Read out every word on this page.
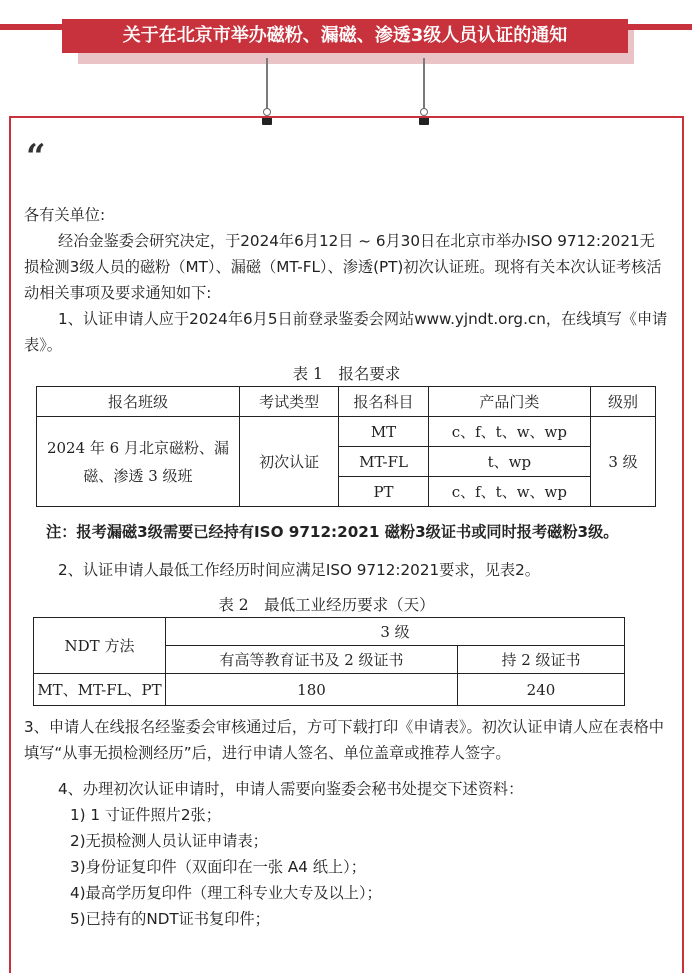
关于在北京市举办磁粉、漏磁、渗透3级人员认证的通知
“

各有关单位:

经冶金鉴委会研究决定，于2024年6月12日 ~ 6月30日在北京市举办ISO 9712:2021无损检测3级人员的磁粉（MT）、漏磁（MT-FL）、渗透(PT)初次认证班。现将有关本次认证考核活动相关事项及要求通知如下:

1、认证申请人应于2024年6月5日前登录鉴委会网站www.yjndt.org.cn，在线填写《申请表》。

表 1　报名要求
报名班级	考试类型	报名科目	产品门类	级别
2024 年 6 月北京磁粉、漏磁、渗透 3 级班	初次认证	MT	c、f、t、w、wp	3 级
		MT-FL	t、wp	
		PT	c、f、t、w、wp	

注：报考漏磁3级需要已经持有ISO 9712:2021 磁粉3级证书或同时报考磁粉3级。

2、认证申请人最低工作经历时间应满足ISO 9712:2021要求，见表2。

表 2　最低工业经历要求（天）
NDT 方法	3 级	
	有高等教育证书及 2 级证书	持 2 级证书
MT、MT-FL、PT	180	240

3、申请人在线报名经鉴委会审核通过后，方可下载打印《申请表》。初次认证申请人应在表格中填写“从事无损检测经历”后，进行申请人签名、单位盖章或推荐人签字。

4、办理初次认证申请时，申请人需要向鉴委会秘书处提交下述资料：

1) 1 寸证件照片2张；

2)无损检测人员认证申请表；

3)身份证复印件（双面印在一张 A4 纸上）；

4)最高学历复印件（理工科专业大专及以上）；

5)已持有的NDT证书复印件；
